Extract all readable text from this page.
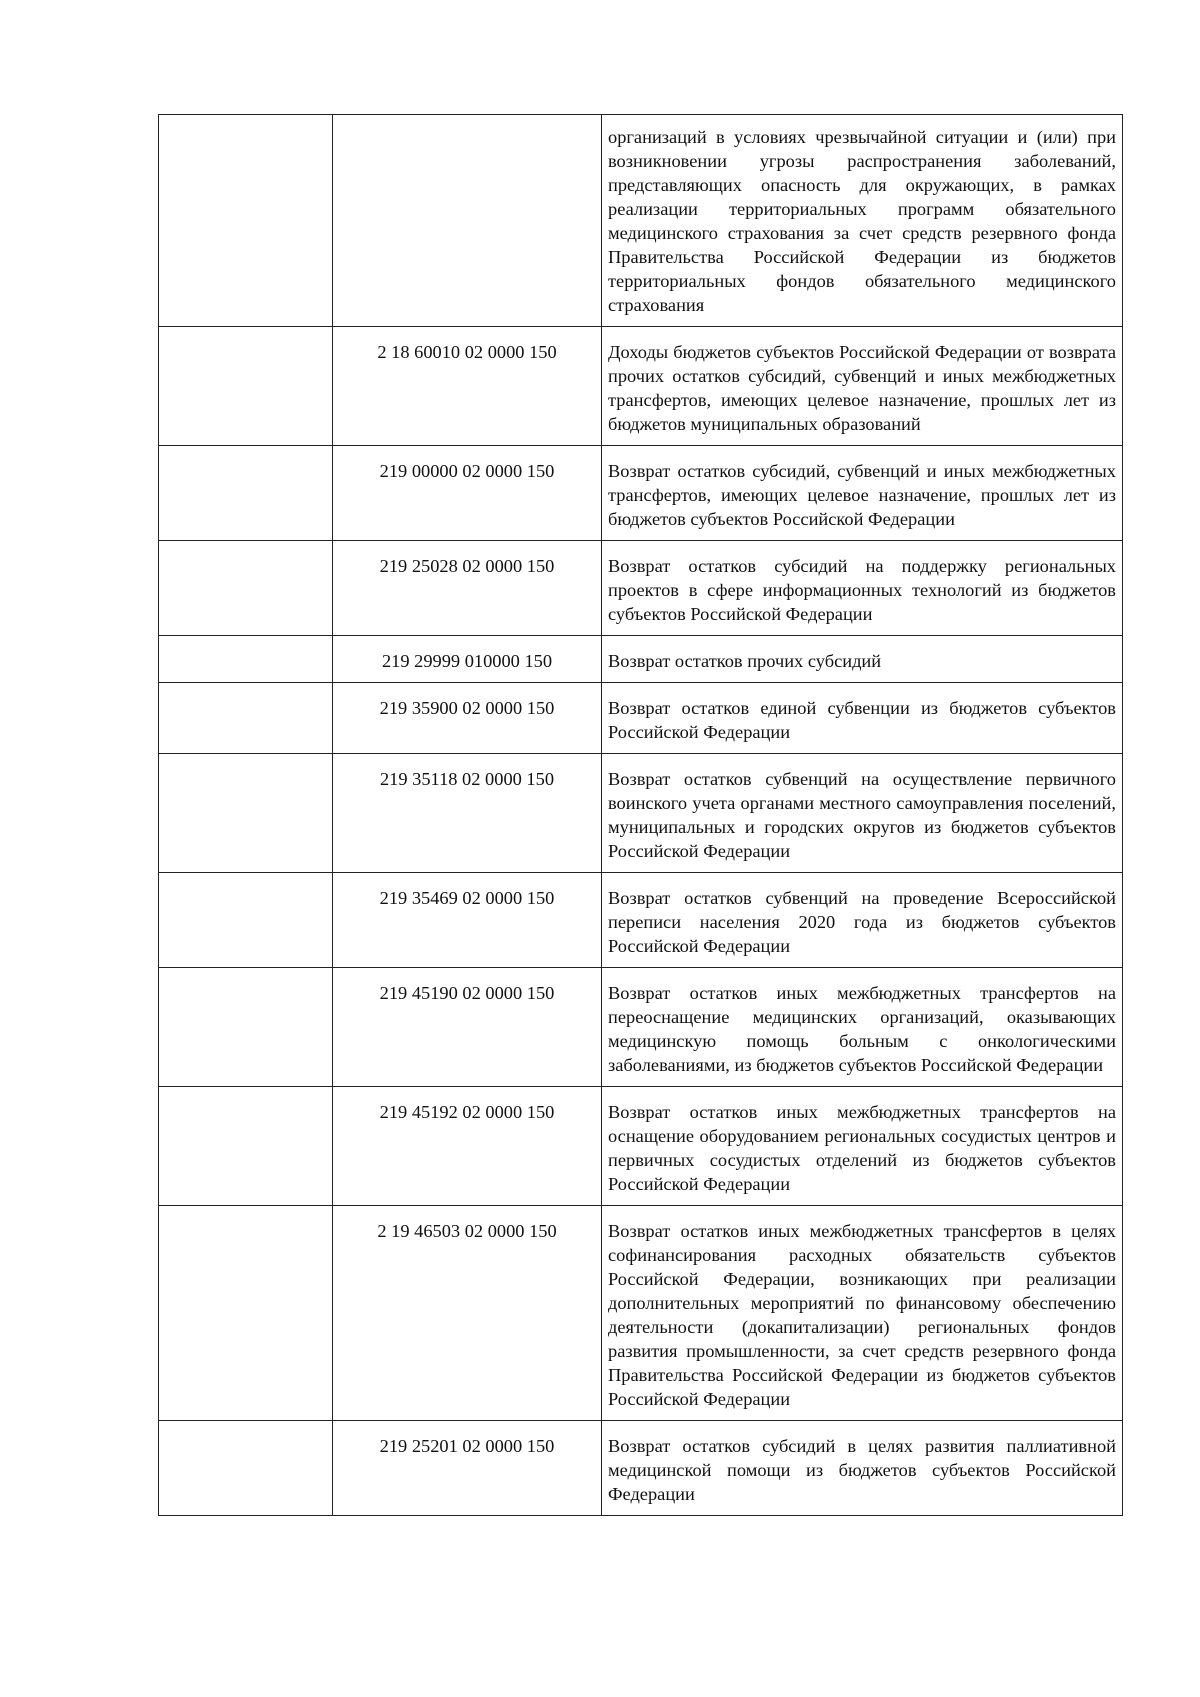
		организаций в условиях чрезвычайной ситуации и (или) при возникновении угрозы распространения заболеваний, представляющих опасность для окружающих, в рамках реализации территориальных программ обязательного медицинского страхования за счет средств резервного фонда Правительства Российской Федерации из бюджетов территориальных фондов обязательного медицинского страхования
	2 18 60010 02 0000 150	Доходы бюджетов субъектов Российской Федерации от возврата прочих остатков субсидий, субвенций и иных межбюджетных трансфертов, имеющих целевое назначение, прошлых лет из бюджетов муниципальных образований
	219 00000 02 0000 150	Возврат остатков субсидий, субвенций и иных межбюджетных трансфертов, имеющих целевое назначение, прошлых лет из бюджетов субъектов Российской Федерации
	219 25028 02 0000 150	Возврат остатков субсидий на поддержку региональных проектов в сфере информационных технологий из бюджетов субъектов Российской Федерации
	219 29999 010000 150	Возврат остатков прочих субсидий
	219 35900 02 0000 150	Возврат остатков единой субвенции из бюджетов субъектов Российской Федерации
	219 35118 02 0000 150	Возврат остатков субвенций на осуществление первичного воинского учета органами местного самоуправления поселений, муниципальных и городских округов из бюджетов субъектов Российской Федерации
	219 35469 02 0000 150	Возврат остатков субвенций на проведение Всероссийской переписи населения 2020 года из бюджетов субъектов Российской Федерации
	219 45190 02 0000 150	Возврат остатков иных межбюджетных трансфертов на переоснащение медицинских организаций, оказывающих медицинскую помощь больным с онкологическими заболеваниями, из бюджетов субъектов Российской Федерации
	219 45192 02 0000 150	Возврат остатков иных межбюджетных трансфертов на оснащение оборудованием региональных сосудистых центров и первичных сосудистых отделений из бюджетов субъектов Российской Федерации
	2 19 46503 02 0000 150	Возврат остатков иных межбюджетных трансфертов в целях софинансирования расходных обязательств субъектов Российской Федерации, возникающих при реализации дополнительных мероприятий по финансовому обеспечению деятельности (докапитализации) региональных фондов развития промышленности, за счет средств резервного фонда Правительства Российской Федерации из бюджетов субъектов Российской Федерации
	219 25201 02 0000 150	Возврат остатков субсидий в целях развития паллиативной медицинской помощи из бюджетов субъектов Российской Федерации
